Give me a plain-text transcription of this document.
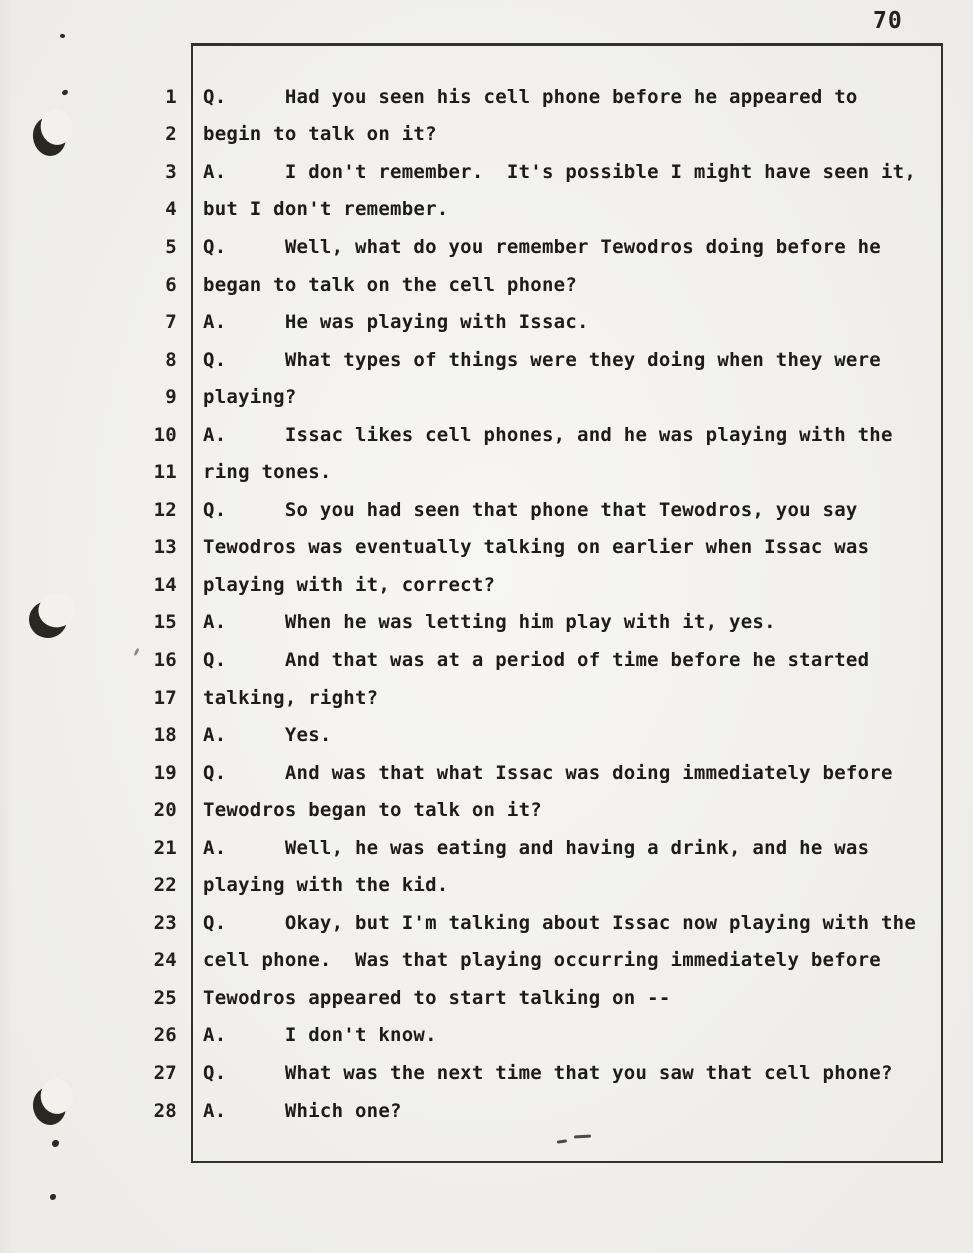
70
1 Q.     Had you seen his cell phone before he appeared to
2 begin to talk on it?
3 A.     I don't remember.  It's possible I might have seen it,
4 but I don't remember.
5 Q.     Well, what do you remember Tewodros doing before he
6 began to talk on the cell phone?
7 A.     He was playing with Issac.
8 Q.     What types of things were they doing when they were
9 playing?
10 A.     Issac likes cell phones, and he was playing with the
11 ring tones.
12 Q.     So you had seen that phone that Tewodros, you say
13 Tewodros was eventually talking on earlier when Issac was
14 playing with it, correct?
15 A.     When he was letting him play with it, yes.
16 Q.     And that was at a period of time before he started
17 talking, right?
18 A.     Yes.
19 Q.     And was that what Issac was doing immediately before
20 Tewodros began to talk on it?
21 A.     Well, he was eating and having a drink, and he was
22 playing with the kid.
23 Q.     Okay, but I'm talking about Issac now playing with the
24 cell phone.  Was that playing occurring immediately before
25 Tewodros appeared to start talking on --
26 A.     I don't know.
27 Q.     What was the next time that you saw that cell phone?
28 A.     Which one?
